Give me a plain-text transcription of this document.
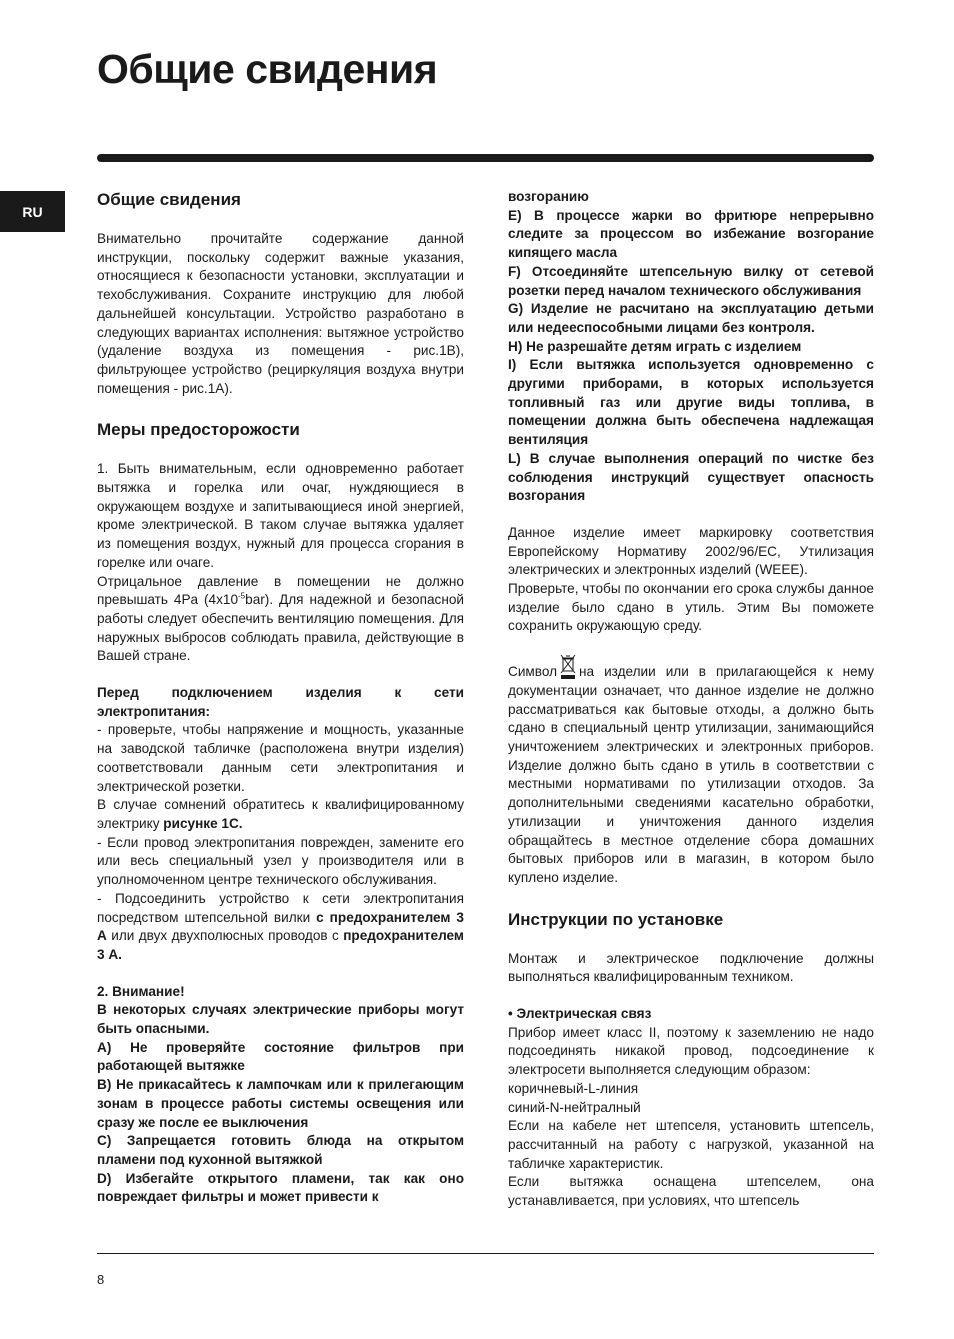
Общие свидения
RU
Общие свидения

Внимательно прочитайте содержание данной инструкции, поскольку содержит важные указания, относящиеся к безопасности установки, эксплуатации и техобслуживания. Сохраните инструкцию для любой дальнейшей консультации. Устройство разработано в следующих вариантах исполнения: вытяжное устройство (удаление воздуха из помещения - рис.1B), фильтрующее устройство (рециркуляция воздуха внутри помещения - рис.1A).

Меры предосторожости

1. Быть внимательным, если одновременно работает вытяжка и горелка или очаг, нуждяющиеся в окружающем воздухе и запитывающиеся иной энергией, кроме электрической. В таком случае вытяжка удаляет из помещения воздух, нужный для процесса сгорания в горелке или очаге.

Отрицальное давление в помещении не должно превышать 4Pa $(4x10^{-5}bar)$. Для надежной и безопасной работы следует обеспечить вентиляцию помещения. Для наружных выбросов соблюдать правила, действующие в Вашей стране.

Перед подключением изделия к сети электропитания:

- проверьте, чтобы напряжение и мощность, указанные на заводской табличке (расположена внутри изделия) соответствовали данным сети электропитания и электрической розетки.

В случае сомнений обратитесь к квалифицированному электрику рисунке 1С.

- Если провод электропитания поврежден, замените его или весь специальный узел у производителя или в уполномоченном центре технического обслуживания.

- Подсоединить устройство к сети электропитания посредством штепсельной вилки с предохранителем 3 А или двух двухполюсных проводов с предохранителем 3 А.

2. Внимание!

В некоторых случаях электрические приборы могут быть опасными.

A) Не проверяйте состояние фильтров при работающей вытяжке

B) Не прикасайтесь к лампочкам или к прилегающим зонам в процессе работы системы освещения или сразу же после ее выключения

C) Запрещается готовить блюда на открытом пламени под кухонной вытяжкой

D) Избегайте открытого пламени, так как оно повреждает фильтры и может привести к

возгоранию

E) В процессе жарки во фритюре непрерывно следите за процессом во избежание возгорание кипящего масла

F) Отсоединяйте штепсельную вилку от сетевой розетки перед началом технического обслуживания

G) Изделие не расчитано на эксплуатацию детьми или недееспособными лицами без контроля.

H) Не разрешайте детям играть с изделием

I) Если вытяжка используется одновременно с другими приборами, в которых используется топливный газ или другие виды топлива, в помещении должна быть обеспечена надлежащая вентиляция

L) В случае выполнения операций по чистке без соблюдения инструкций существует опасность возгорания

Данное изделие имеет маркировку соответствия Европейскому Нормативу 2002/96/EC, Утилизация электрических и электронных изделий (WEEE).

Проверьте, чтобы по окончании его срока службы данное изделие было сдано в утиль. Этим Вы поможете сохранить окружающую среду.

Символ на изделии или в прилагающейся к нему документации означает, что данное изделие не должно рассматриваться как бытовые отходы, а должно быть сдано в специальный центр утилизации, занимающийся уничтожением электрических и электронных приборов. Изделие должно быть сдано в утиль в соответствии с местными нормативами по утилизации отходов. За дополнительными сведениями касательно обработки, утилизации и уничтожения данного изделия обращайтесь в местное отделение сбора домашних бытовых приборов или в магазин, в котором было куплено изделие.

Инструкции по установке

Монтаж и электрическое подключение должны выполняться квалифицированным техником.

• Электрическая связ

Прибор имеет класс II, поэтому к заземлению не надо подсоединять никакой провод, подсоединение к электросети выполняется следующим образом:

коричневый-L-линия

синий-N-нейтралный

Если на кабеле нет штепселя, установить штепсель, рассчитанный на работу с нагрузкой, указанной на табличке характеристик.

Если вытяжка оснащена штепселем, она устанавливается, при условиях, что штепсель

8
